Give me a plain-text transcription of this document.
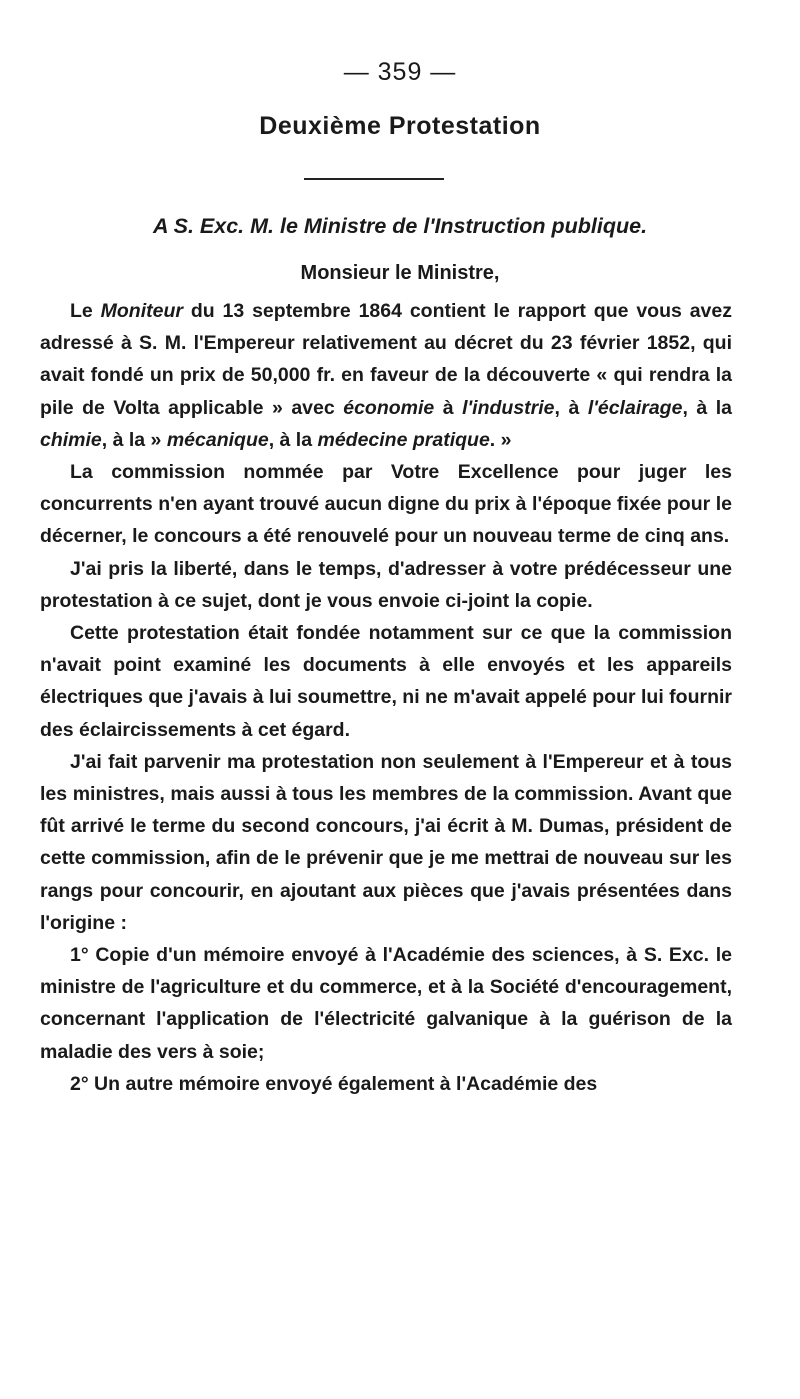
— 359 —
Deuxième Protestation
A S. Exc. M. le Ministre de l'Instruction publique.
Monsieur le Ministre,

Le Moniteur du 13 septembre 1864 contient le rapport que vous avez adressé à S. M. l'Empereur relativement au décret du 23 février 1852, qui avait fondé un prix de 50,000 fr. en faveur de la découverte « qui rendra la pile de Volta applicable » avec économie à l'industrie, à l'éclairage, à la chimie, à la » mécanique, à la médecine pratique. »

La commission nommée par Votre Excellence pour juger les concurrents n'en ayant trouvé aucun digne du prix à l'époque fixée pour le décerner, le concours a été renouvelé pour un nouveau terme de cinq ans.

J'ai pris la liberté, dans le temps, d'adresser à votre prédécesseur une protestation à ce sujet, dont je vous envoie ci-joint la copie.

Cette protestation était fondée notamment sur ce que la commission n'avait point examiné les documents à elle envoyés et les appareils électriques que j'avais à lui soumettre, ni ne m'avait appelé pour lui fournir des éclaircissements à cet égard.

J'ai fait parvenir ma protestation non seulement à l'Empereur et à tous les ministres, mais aussi à tous les membres de la commission. Avant que fût arrivé le terme du second concours, j'ai écrit à M. Dumas, président de cette commission, afin de le prévenir que je me mettrai de nouveau sur les rangs pour concourir, en ajoutant aux pièces que j'avais présentées dans l'origine :

1° Copie d'un mémoire envoyé à l'Académie des sciences, à S. Exc. le ministre de l'agriculture et du commerce, et à la Société d'encouragement, concernant l'application de l'électricité galvanique à la guérison de la maladie des vers à soie;

2° Un autre mémoire envoyé également à l'Académie des
